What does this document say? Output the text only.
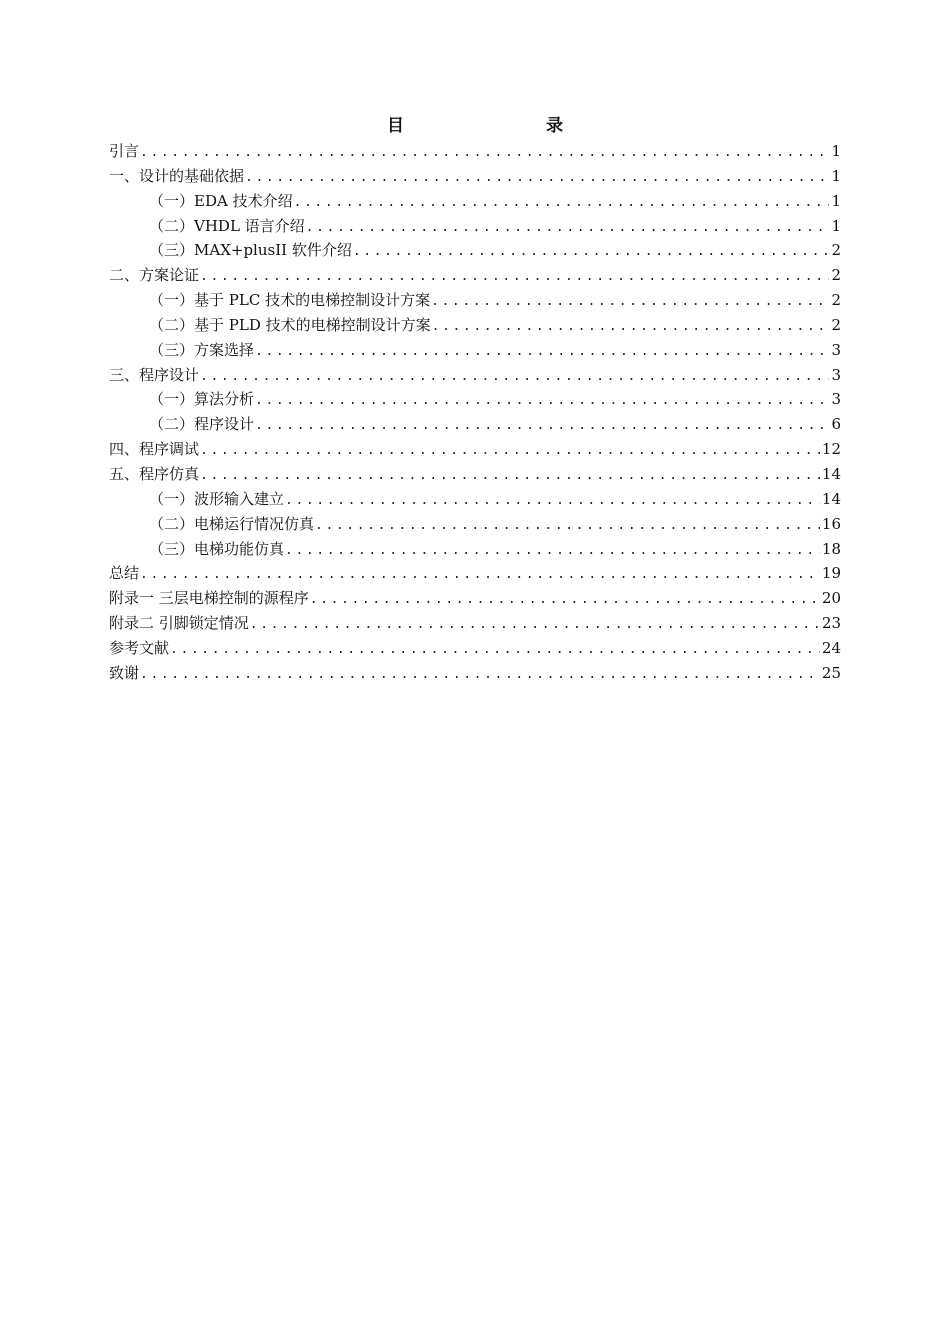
目　　录
引言 .....	1
一、设计的基础依据 .....	1
（一）EDA 技术介绍 .....	1
（二）VHDL 语言介绍 .....	1
（三）MAX+plusII 软件介绍 .....	2
二、方案论证 .....	2
（一）基于 PLC 技术的电梯控制设计方案 .....	2
（二）基于 PLD 技术的电梯控制设计方案 .....	2
（三）方案选择 .....	3
三、程序设计 .....	3
（一）算法分析 .....	3
（二）程序设计 .....	6
四、程序调试 .....	12
五、程序仿真 .....	14
（一）波形输入建立 .....	14
（二）电梯运行情况仿真 .....	16
（三）电梯功能仿真 .....	18
总结 .....	19
附录一 三层电梯控制的源程序 .....	20
附录二 引脚锁定情况 .....	23
参考文献 .....	24
致谢 .....	25
